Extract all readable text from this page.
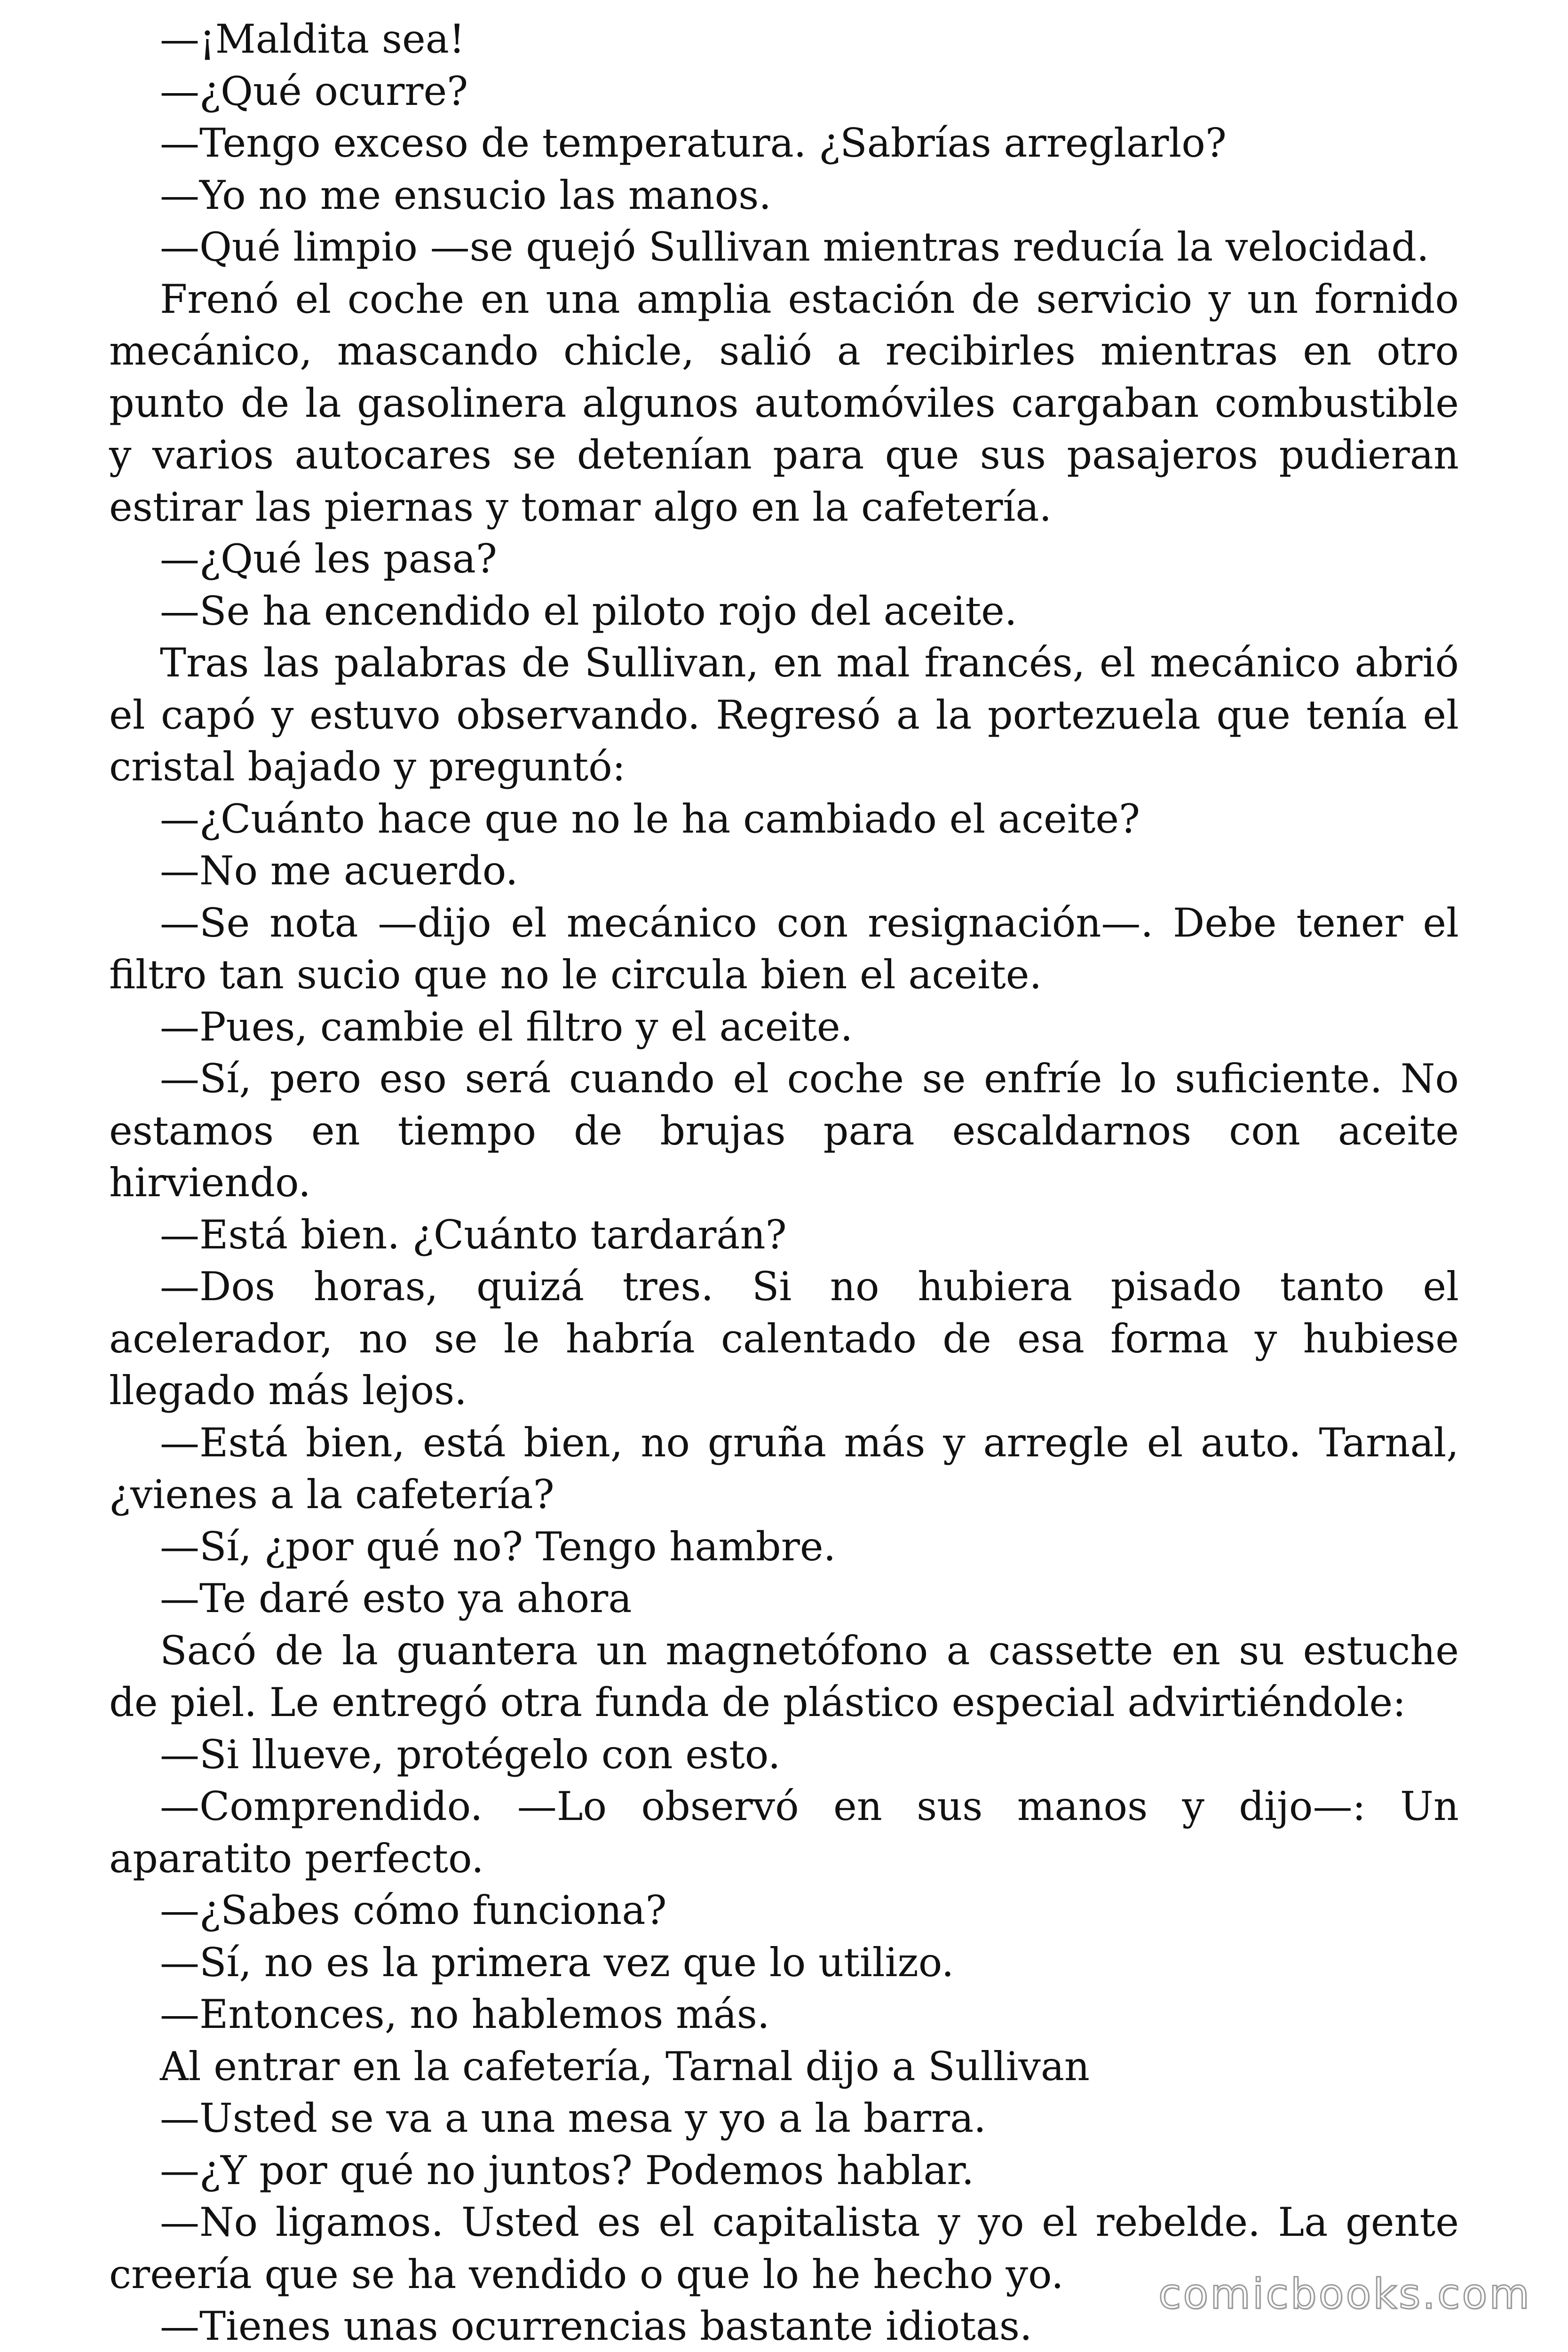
—¡Maldita sea!

—¿Qué ocurre?

—Tengo exceso de temperatura. ¿Sabrías arreglarlo?

—Yo no me ensucio las manos.

—Qué limpio —se quejó Sullivan mientras reducía la velocidad.

Frenó el coche en una amplia estación de servicio y un fornido mecánico, mascando chicle, salió a recibirles mientras en otro punto de la gasolinera algunos automóviles cargaban combustible y varios autocares se detenían para que sus pasajeros pudieran estirar las piernas y tomar algo en la cafetería.

—¿Qué les pasa?

—Se ha encendido el piloto rojo del aceite.

Tras las palabras de Sullivan, en mal francés, el mecánico abrió el capó y estuvo observando. Regresó a la portezuela que tenía el cristal bajado y preguntó:

—¿Cuánto hace que no le ha cambiado el aceite?

—No me acuerdo.

—Se nota —dijo el mecánico con resignación—. Debe tener el filtro tan sucio que no le circula bien el aceite.

—Pues, cambie el filtro y el aceite.

—Sí, pero eso será cuando el coche se enfríe lo suficiente. No estamos en tiempo de brujas para escaldarnos con aceite hirviendo.

—Está bien. ¿Cuánto tardarán?

—Dos horas, quizá tres. Si no hubiera pisado tanto el acelerador, no se le habría calentado de esa forma y hubiese llegado más lejos.

—Está bien, está bien, no gruña más y arregle el auto. Tarnal, ¿vienes a la cafetería?

—Sí, ¿por qué no? Tengo hambre.

—Te daré esto ya ahora

Sacó de la guantera un magnetófono a cassette en su estuche de piel. Le entregó otra funda de plástico especial advirtiéndole:

—Si llueve, protégelo con esto.

—Comprendido. —Lo observó en sus manos y dijo—: Un aparatito perfecto.

—¿Sabes cómo funciona?

—Sí, no es la primera vez que lo utilizo.

—Entonces, no hablemos más.

Al entrar en la cafetería, Tarnal dijo a Sullivan

—Usted se va a una mesa y yo a la barra.

—¿Y por qué no juntos? Podemos hablar.

—No ligamos. Usted es el capitalista y yo el rebelde. La gente creería que se ha vendido o que lo he hecho yo.

—Tienes unas ocurrencias bastante idiotas.

comicbooks.com
